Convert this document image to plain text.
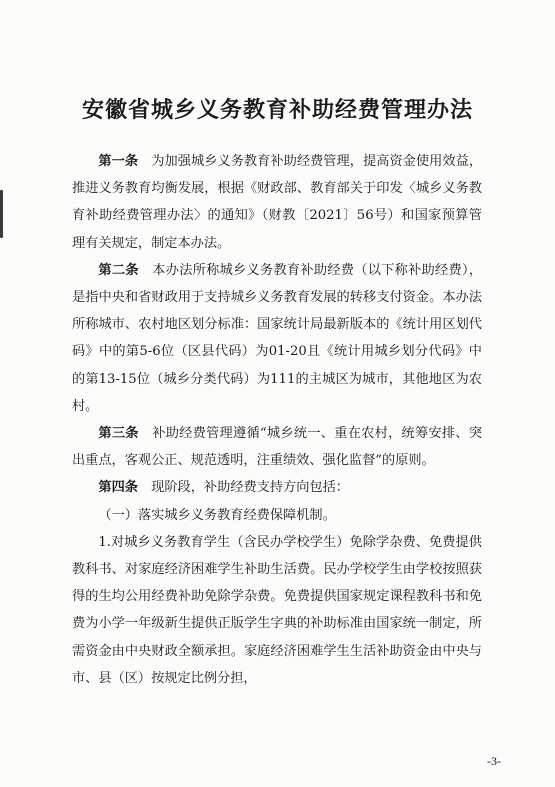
安徽省城乡义务教育补助经费管理办法

第一条　 为加强城乡义务教育补助经费管理，提高资金使用效益，推进义务教育均衡发展，根据《财政部、教育部关于印发〈城乡义务教育补助经费管理办法〉的通知》（财教〔2021〕56号）和国家预算管理有关规定，制定本办法。

第二条　 本办法所称城乡义务教育补助经费（以下称补助经费），是指中央和省财政用于支持城乡义务教育发展的转移支付资金。本办法所称城市、农村地区划分标准：国家统计局最新版本的《统计用区划代码》中的第5-6位（区县代码）为01-20且《统计用城乡划分代码》中的第13-15位（城乡分类代码）为111的主城区为城市，其他地区为农村。

第三条　 补助经费管理遵循“城乡统一、重在农村，统筹安排、突出重点，客观公正、规范透明，注重绩效、强化监督”的原则。

第四条　 现阶段，补助经费支持方向包括：

（一）落实城乡义务教育经费保障机制。

1.对城乡义务教育学生（含民办学校学生）免除学杂费、免费提供教科书、对家庭经济困难学生补助生活费。民办学校学生由学校按照获得的生均公用经费补助免除学杂费。免费提供国家规定课程教科书和免费为小学一年级新生提供正版学生字典的补助标准由国家统一制定，所需资金由中央财政全额承担。家庭经济困难学生生活补助资金由中央与市、县（区）按规定比例分担，

-3-
